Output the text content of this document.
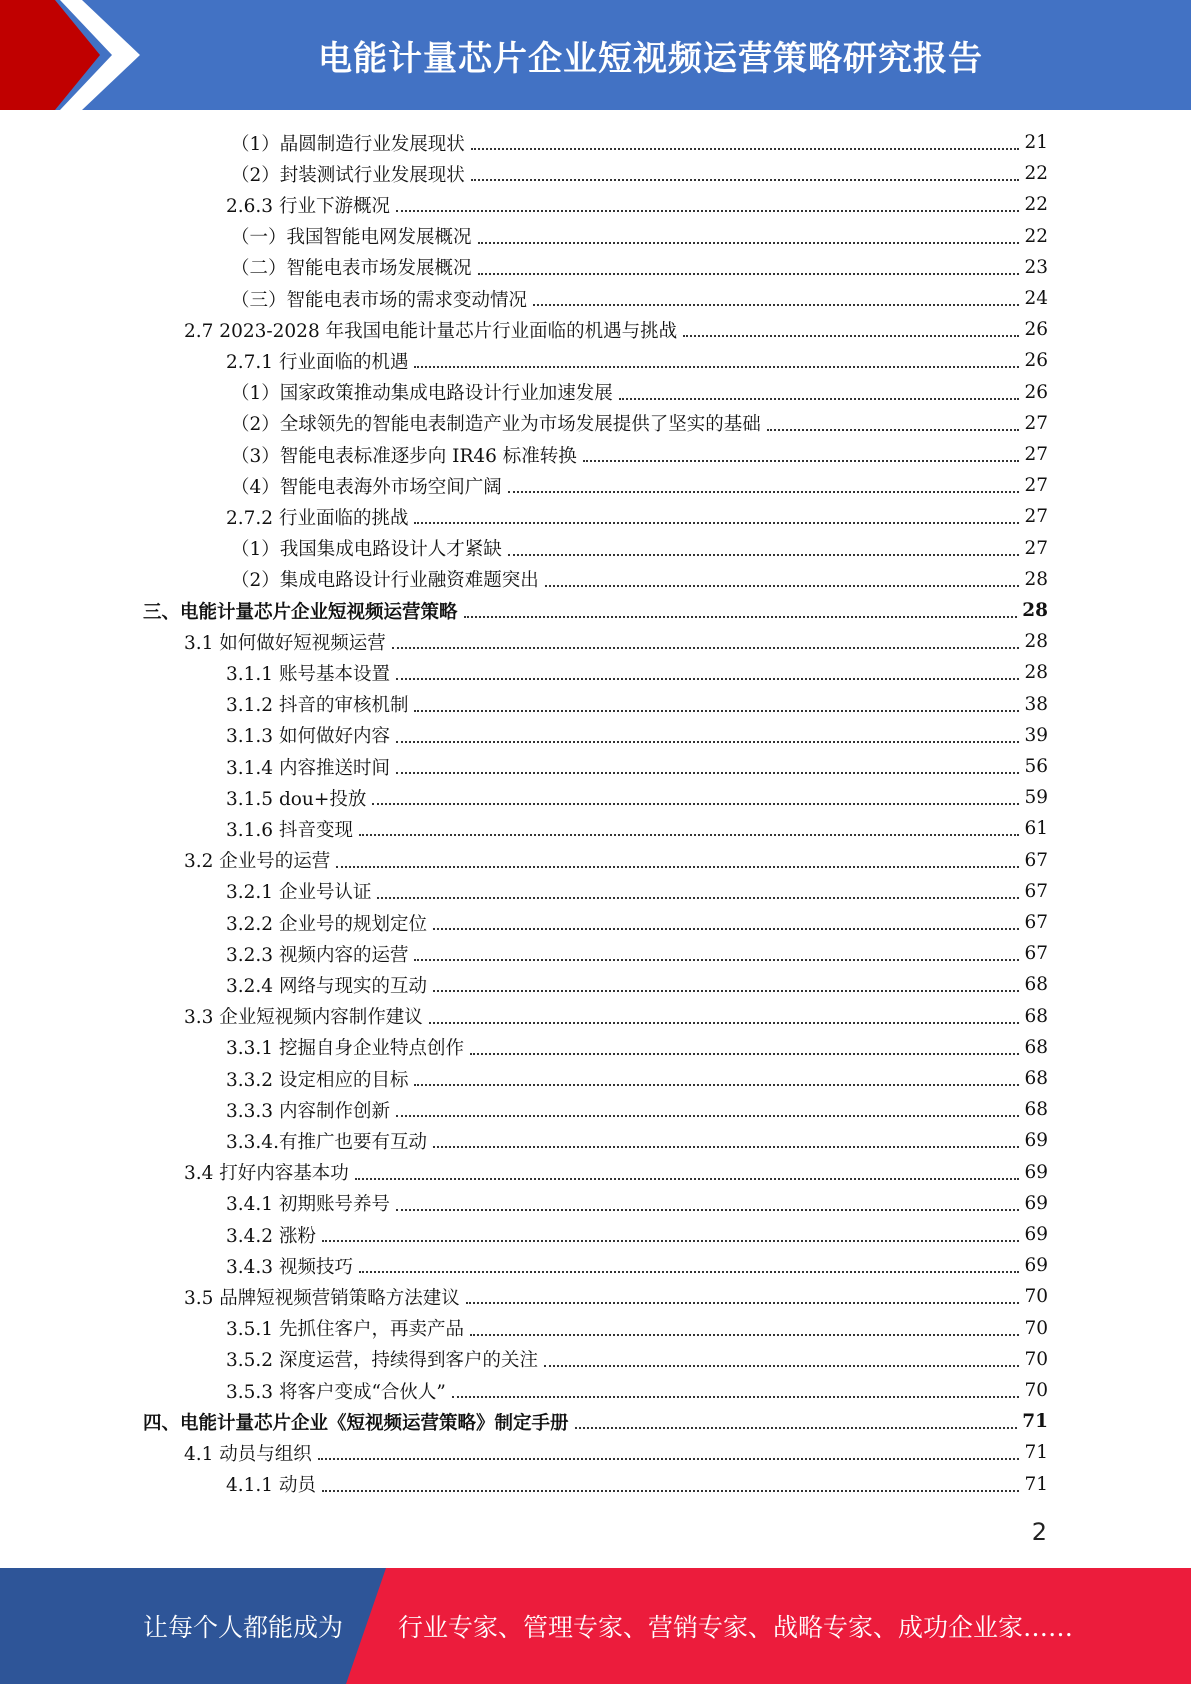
电能计量芯片企业短视频运营策略研究报告
（1）晶圆制造行业发展现状	21
（2）封装测试行业发展现状	22
2.6.3 行业下游概况	22
（一）我国智能电网发展概况	22
（二）智能电表市场发展概况	23
（三）智能电表市场的需求变动情况	24
2.7 2023-2028 年我国电能计量芯片行业面临的机遇与挑战	26
2.7.1 行业面临的机遇	26
（1）国家政策推动集成电路设计行业加速发展	26
（2）全球领先的智能电表制造产业为市场发展提供了坚实的基础	27
（3）智能电表标准逐步向 IR46 标准转换	27
（4）智能电表海外市场空间广阔	27
2.7.2 行业面临的挑战	27
（1）我国集成电路设计人才紧缺	27
（2）集成电路设计行业融资难题突出	28
三、电能计量芯片企业短视频运营策略	28
3.1 如何做好短视频运营	28
3.1.1 账号基本设置	28
3.1.2 抖音的审核机制	38
3.1.3 如何做好内容	39
3.1.4 内容推送时间	56
3.1.5 dou+投放	59
3.1.6 抖音变现	61
3.2 企业号的运营	67
3.2.1 企业号认证	67
3.2.2 企业号的规划定位	67
3.2.3 视频内容的运营	67
3.2.4 网络与现实的互动	68
3.3 企业短视频内容制作建议	68
3.3.1 挖掘自身企业特点创作	68
3.3.2 设定相应的目标	68
3.3.3 内容制作创新	68
3.3.4.有推广也要有互动	69
3.4 打好内容基本功	69
3.4.1 初期账号养号	69
3.4.2 涨粉	69
3.4.3 视频技巧	69
3.5 品牌短视频营销策略方法建议	70
3.5.1 先抓住客户，再卖产品	70
3.5.2 深度运营，持续得到客户的关注	70
3.5.3 将客户变成“合伙人”	70
四、电能计量芯片企业《短视频运营策略》制定手册	71
4.1 动员与组织	71
4.1.1 动员	71
2
让每个人都能成为 行业专家、管理专家、营销专家、战略专家、成功企业家……
